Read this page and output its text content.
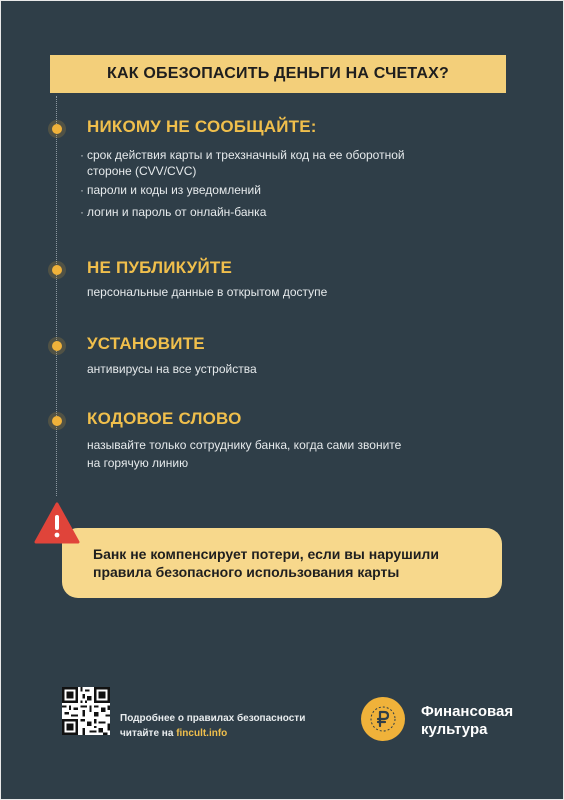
КАК ОБЕЗОПАСИТЬ ДЕНЬГИ НА СЧЕТАХ?
НИКОМУ НЕ СООБЩАЙТЕ:
· срок действия карты и трехзначный код на ее оборотной
стороне (CVV/CVC)
· пароли и коды из уведомлений
· логин и пароль от онлайн-банка
НЕ ПУБЛИКУЙТЕ
персональные данные в открытом доступе
УСТАНОВИТЕ
антивирусы на все устройства
КОДОВОЕ СЛОВО
называйте только сотруднику банка, когда сами звоните
на горячую линию
Банк не компенсирует потери, если вы нарушили
правила безопасного использования карты
Подробнее о правилах безопасности
читайте на fincult.info
Финансовая
культура
